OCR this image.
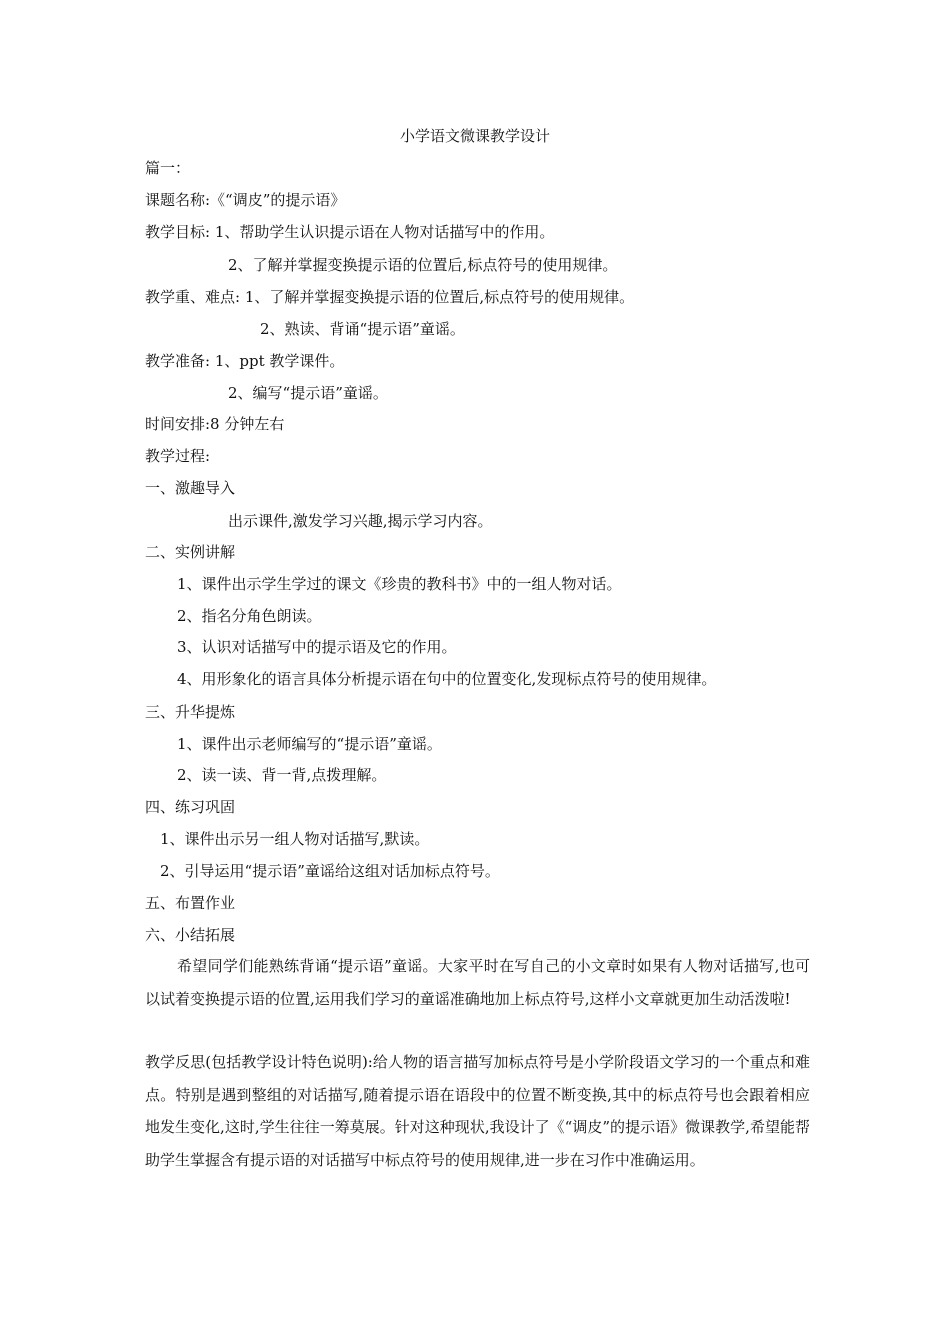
小学语文微课教学设计
篇一：
课题名称:《“调皮”的提示语》
教学目标: 1、帮助学生认识提示语在人物对话描写中的作用。
2、了解并掌握变换提示语的位置后,标点符号的使用规律。
教学重、难点: 1、了解并掌握变换提示语的位置后,标点符号的使用规律。
2、熟读、背诵“提示语”童谣。
教学准备: 1、ppt 教学课件。
2、编写“提示语”童谣。
时间安排:8 分钟左右
教学过程:
一、激趣导入
出示课件,激发学习兴趣,揭示学习内容。
二、实例讲解
1、课件出示学生学过的课文《珍贵的教科书》中的一组人物对话。
2、指名分角色朗读。
3、认识对话描写中的提示语及它的作用。
4、用形象化的语言具体分析提示语在句中的位置变化,发现标点符号的使用规律。
三、升华提炼
1、课件出示老师编写的“提示语”童谣。
2、读一读、背一背,点拨理解。
四、练习巩固
1、课件出示另一组人物对话描写,默读。
2、引导运用“提示语”童谣给这组对话加标点符号。
五、布置作业
六、小结拓展
希望同学们能熟练背诵“提示语”童谣。大家平时在写自己的小文章时如果有人物对话描写,也可以试着变换提示语的位置,运用我们学习的童谣准确地加上标点符号,这样小文章就更加生动活泼啦!
教学反思(包括教学设计特色说明):给人物的语言描写加标点符号是小学阶段语文学习的一个重点和难点。特别是遇到整组的对话描写,随着提示语在语段中的位置不断变换,其中的标点符号也会跟着相应地发生变化,这时,学生往往一筹莫展。针对这种现状,我设计了《“调皮”的提示语》微课教学,希望能帮助学生掌握含有提示语的对话描写中标点符号的使用规律,进一步在习作中准确运用。
